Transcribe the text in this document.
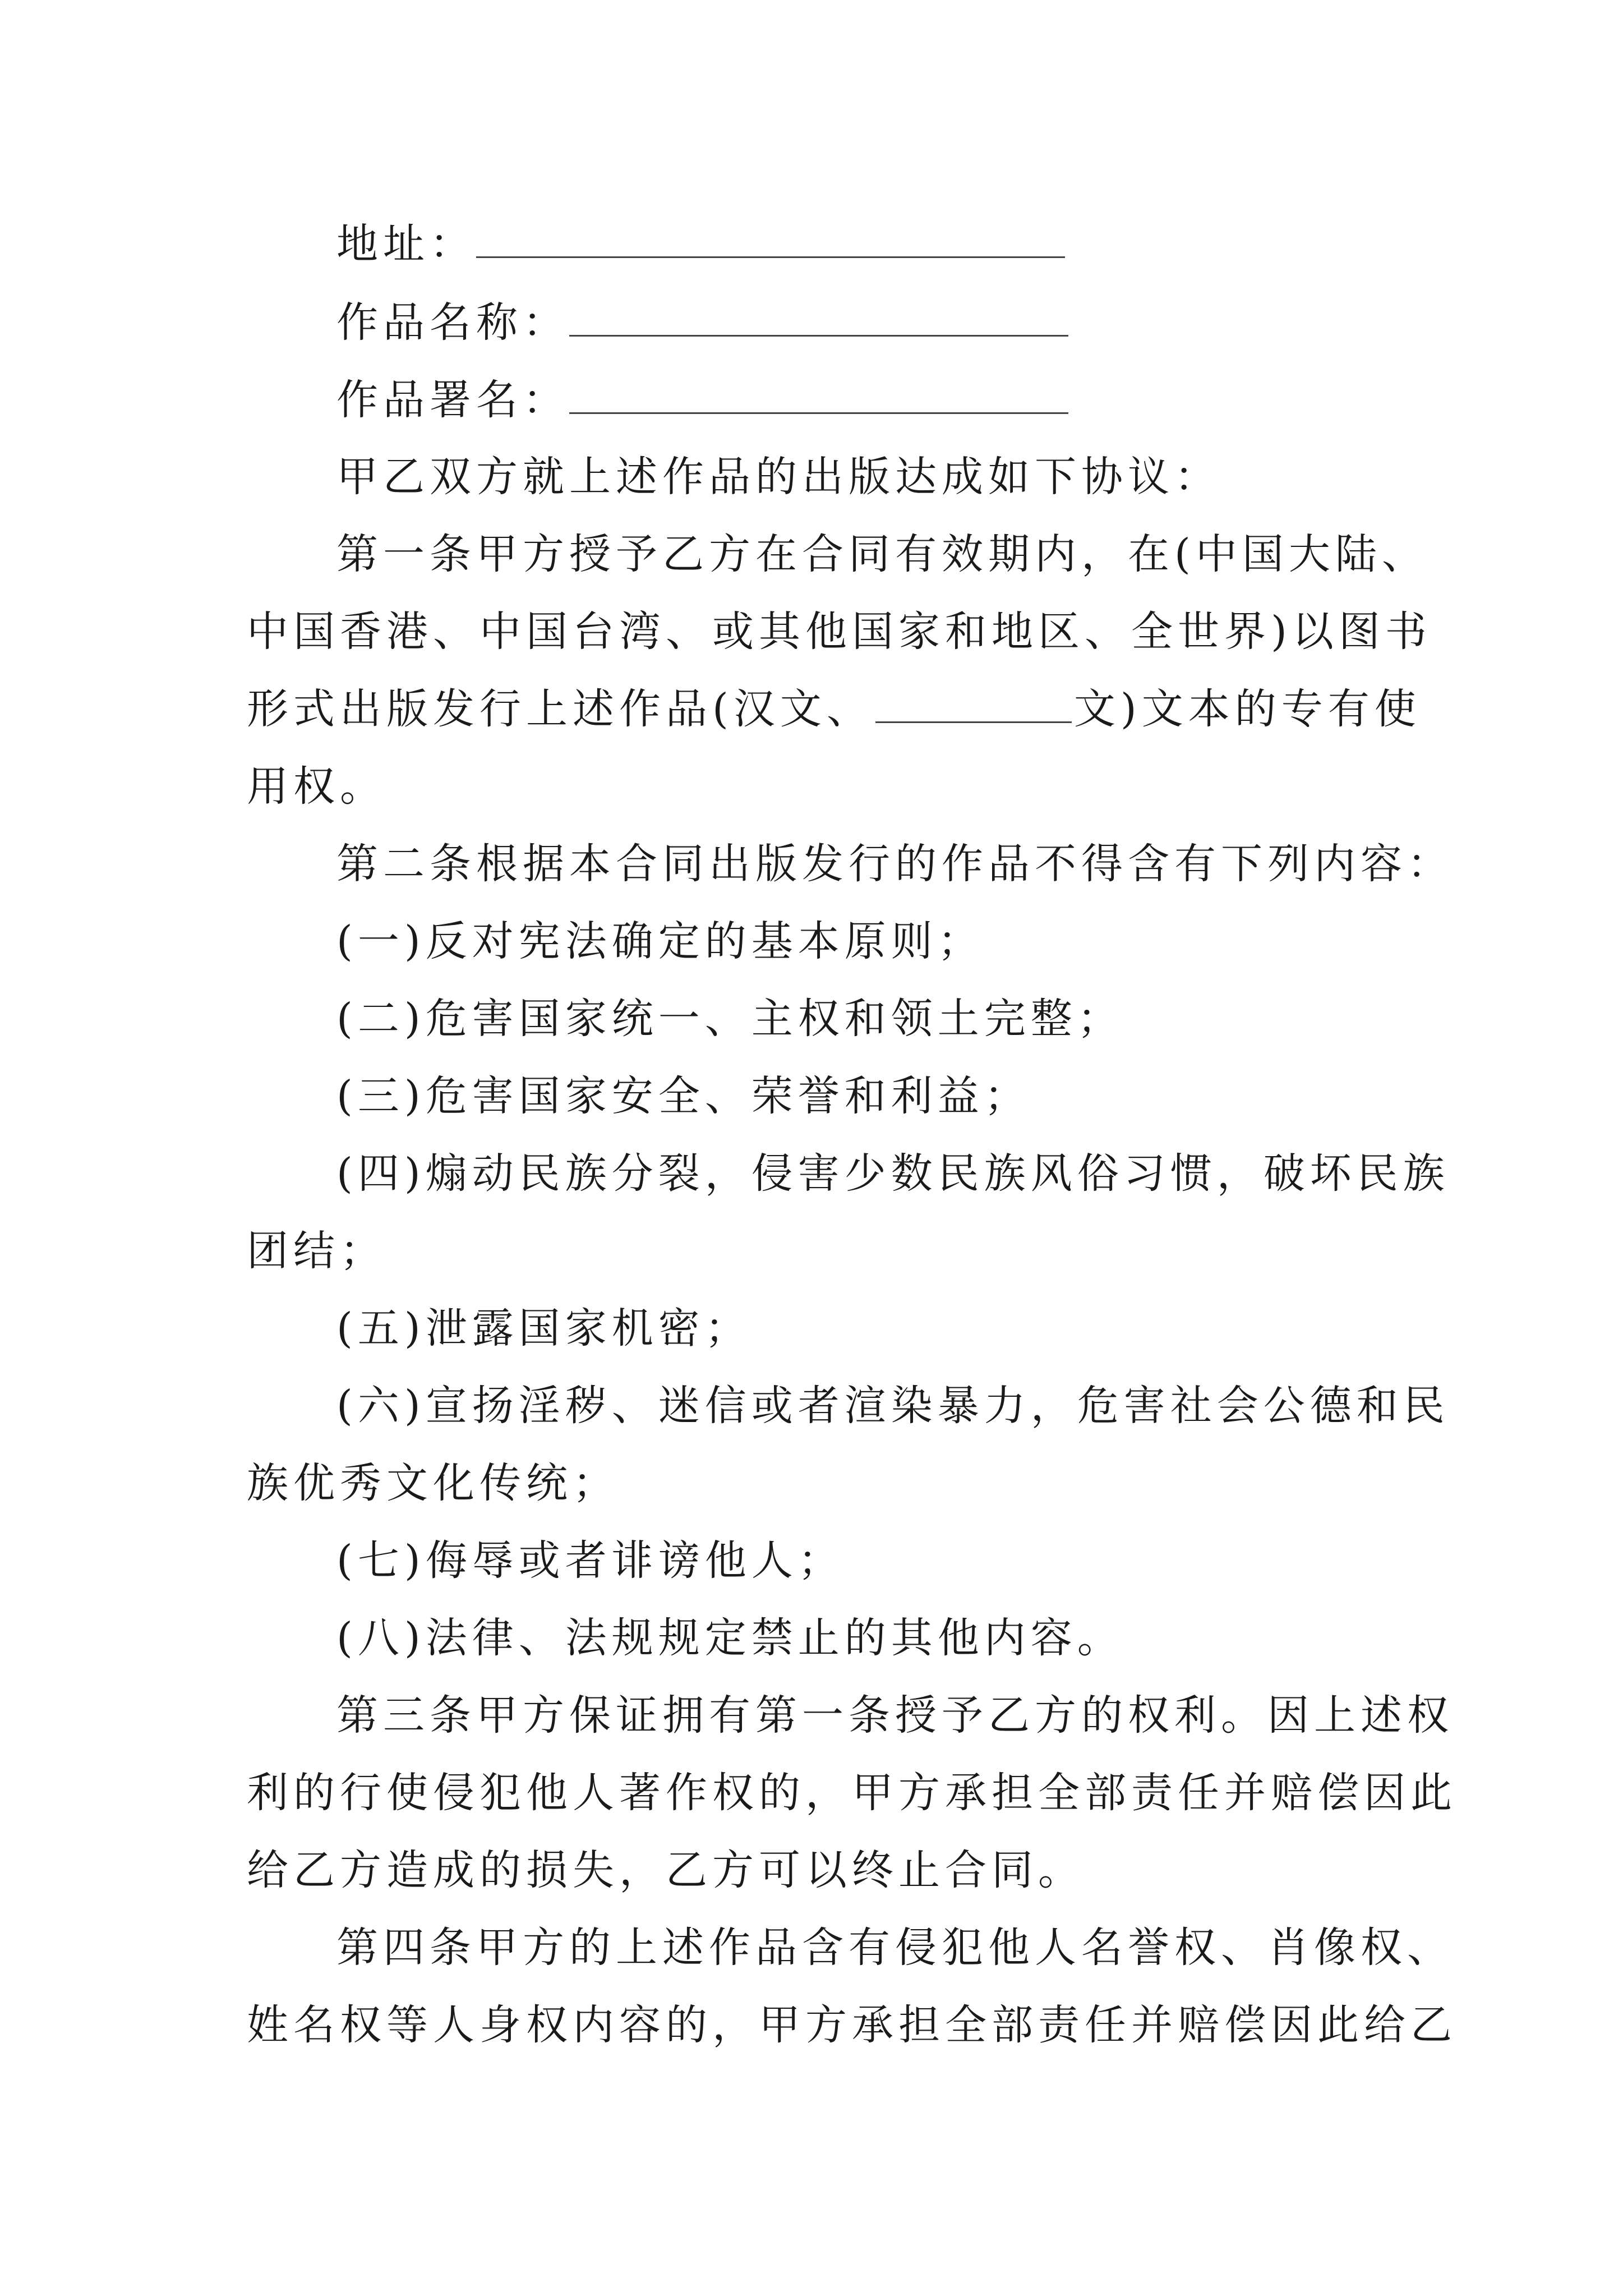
地址：
作品名称：
作品署名：
甲乙双方就上述作品的出版达成如下协议：
第一条甲方授予乙方在合同有效期内，在(中国大陆、
中国香港、中国台湾、或其他国家和地区、全世界)以图书
形式出版发行上述作品(汉文、	文)文本的专有使
用权。
第二条根据本合同出版发行的作品不得含有下列内容：
(一)反对宪法确定的基本原则；
(二)危害国家统一、主权和领土完整；
(三)危害国家安全、荣誉和利益；
(四)煽动民族分裂，侵害少数民族风俗习惯，破坏民族
团结；
(五)泄露国家机密；
(六)宣扬淫秽、迷信或者渲染暴力，危害社会公德和民
族优秀文化传统；
(七)侮辱或者诽谤他人；
(八)法律、法规规定禁止的其他内容。
第三条甲方保证拥有第一条授予乙方的权利。因上述权
利的行使侵犯他人著作权的，甲方承担全部责任并赔偿因此
给乙方造成的损失，乙方可以终止合同。
第四条甲方的上述作品含有侵犯他人名誉权、肖像权、
姓名权等人身权内容的，甲方承担全部责任并赔偿因此给乙
